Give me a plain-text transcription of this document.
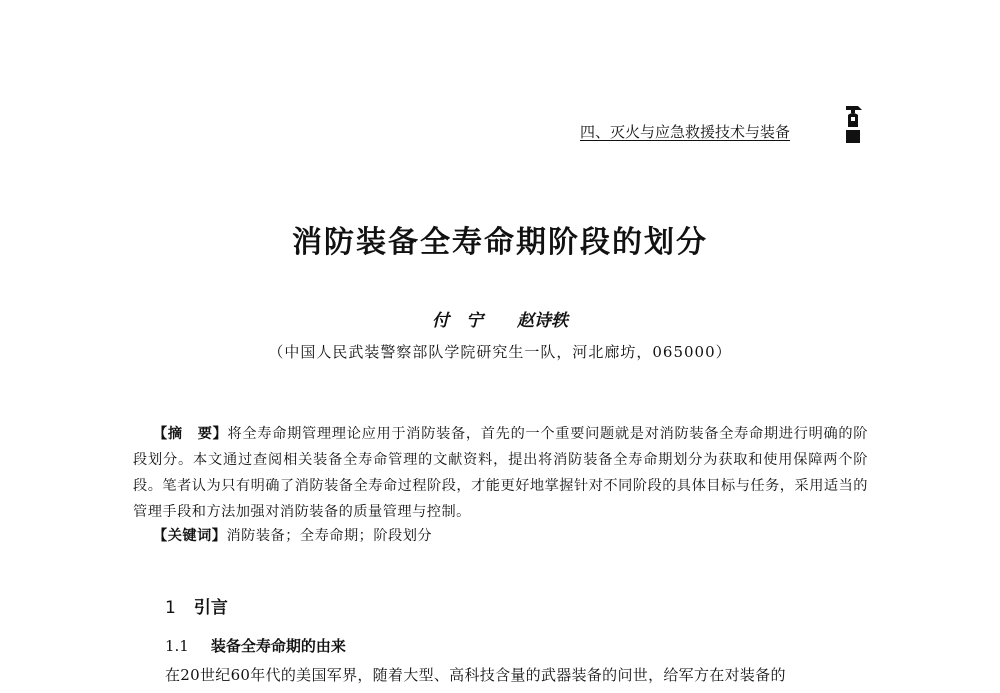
四、灭火与应急救援技术与装备
消防装备全寿命期阶段的划分
付　宁 赵诗轶
（中国人民武装警察部队学院研究生一队，河北廊坊，065000）
【摘　要】将全寿命期管理理论应用于消防装备，首先的一个重要问题就是对消防装备全寿命期进行明确的阶段划分。本文通过查阅相关装备全寿命管理的文献资料，提出将消防装备全寿命期划分为获取和使用保障两个阶段。笔者认为只有明确了消防装备全寿命过程阶段，才能更好地掌握针对不同阶段的具体目标与任务，采用适当的管理手段和方法加强对消防装备的质量管理与控制。
【关键词】消防装备；全寿命期；阶段划分
1 引言
1.1 装备全寿命期的由来
在20世纪60年代的美国军界，随着大型、高科技含量的武器装备的问世，给军方在对装备的
